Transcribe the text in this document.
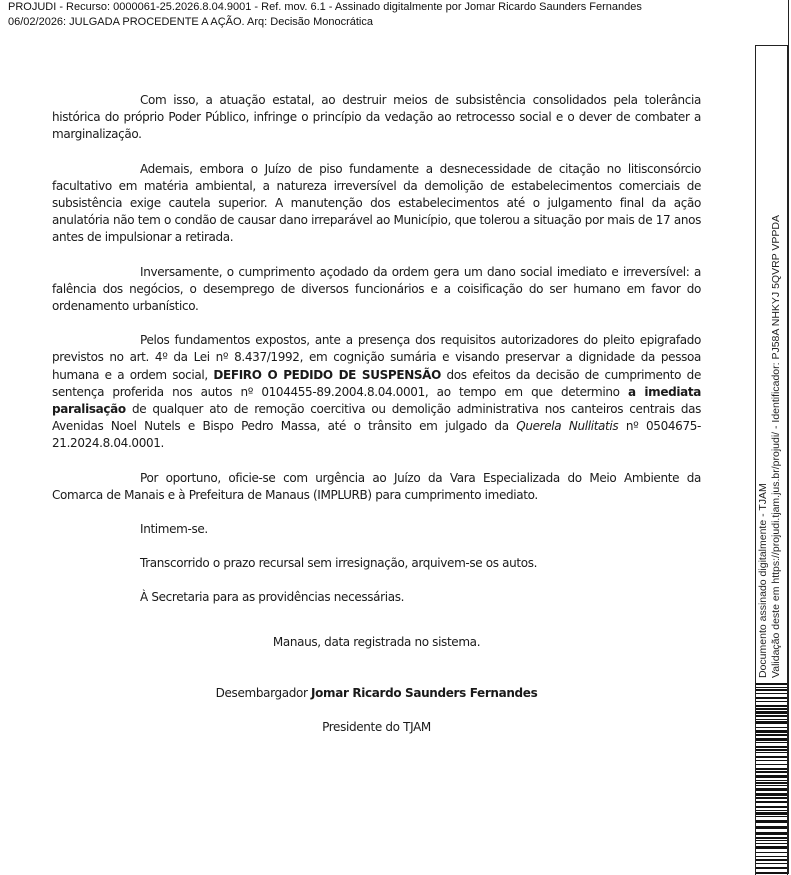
PROJUDI - Recurso: 0000061-25.2026.8.04.9001 - Ref. mov. 6.1 - Assinado digitalmente por Jomar Ricardo Saunders Fernandes
06/02/2026: JULGADA PROCEDENTE A AÇÃO. Arq: Decisão Monocrática

Com isso, a atuação estatal, ao destruir meios de subsistência consolidados pela tolerância histórica do próprio Poder Público, infringe o princípio da vedação ao retrocesso social e o dever de combater a marginalização.

Ademais, embora o Juízo de piso fundamente a desnecessidade de citação no litisconsórcio facultativo em matéria ambiental, a natureza irreversível da demolição de estabelecimentos comerciais de subsistência exige cautela superior. A manutenção dos estabelecimentos até o julgamento final da ação anulatória não tem o condão de causar dano irreparável ao Município, que tolerou a situação por mais de 17 anos antes de impulsionar a retirada.

Inversamente, o cumprimento açodado da ordem gera um dano social imediato e irreversível: a falência dos negócios, o desemprego de diversos funcionários e a coisificação do ser humano em favor do ordenamento urbanístico.

Pelos fundamentos expostos, ante a presença dos requisitos autorizadores do pleito epigrafado previstos no art. 4º da Lei nº 8.437/1992, em cognição sumária e visando preservar a dignidade da pessoa humana e a ordem social, DEFIRO O PEDIDO DE SUSPENSÃO dos efeitos da decisão de cumprimento de sentença proferida nos autos nº 0104455-89.2004.8.04.0001, ao tempo em que determino a imediata paralisação de qualquer ato de remoção coercitiva ou demolição administrativa nos canteiros centrais das Avenidas Noel Nutels e Bispo Pedro Massa, até o trânsito em julgado da Querela Nullitatis nº 0504675-21.2024.8.04.0001.

Por oportuno, oficie-se com urgência ao Juízo da Vara Especializada do Meio Ambiente da Comarca de Manais e à Prefeitura de Manaus (IMPLURB) para cumprimento imediato.

Intimem-se.

Transcorrido o prazo recursal sem irresignação, arquivem-se os autos.

À Secretaria para as providências necessárias.

Manaus, data registrada no sistema.
Desembargador Jomar Ricardo Saunders Fernandes
Presidente do TJAM
Documento assinado digitalmente - TJAM Validação deste em https://projudi.tjam.jus.br/projudi/ - Identificador: PJ58A NHKYJ 5QVRP VPPDA
